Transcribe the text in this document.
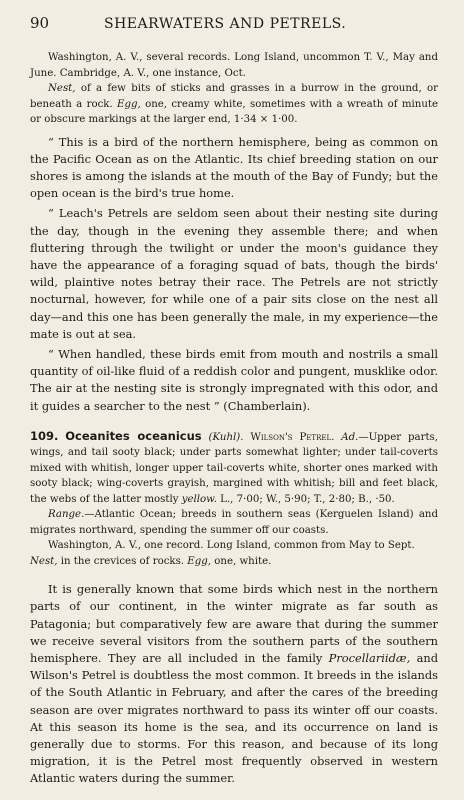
90	SHEARWATERS AND PETRELS.

Washington, A. V., several records. Long Island, uncommon T. V., May and June. Cambridge, A. V., one instance, Oct.

Nest, of a few bits of sticks and grasses in a burrow in the ground, or beneath a rock. Egg, one, creamy white, sometimes with a wreath of minute or obscure markings at the larger end, 1·34 × 1·00.

“ This is a bird of the northern hemisphere, being as common on the Pacific Ocean as on the Atlantic. Its chief breeding station on our shores is among the islands at the mouth of the Bay of Fundy; but the open ocean is the bird's true home.

“ Leach's Petrels are seldom seen about their nesting site during the day, though in the evening they assemble there; and when fluttering through the twilight or under the moon's guidance they have the appearance of a foraging squad of bats, though the birds' wild, plaintive notes betray their race. The Petrels are not strictly nocturnal, however, for while one of a pair sits close on the nest all day—and this one has been generally the male, in my experience—the mate is out at sea.

“ When handled, these birds emit from mouth and nostrils a small quantity of oil-like fluid of a reddish color and pungent, musklike odor. The air at the nesting site is strongly impregnated with this odor, and it guides a searcher to the nest ” (Chamberlain).

109. Oceanites oceanicus (Kuhl). Wilson's Petrel. Ad.—Upper parts, wings, and tail sooty black; under parts somewhat lighter; under tail-coverts mixed with whitish, longer upper tail-coverts white, shorter ones marked with sooty black; wing-coverts grayish, margined with whitish; bill and feet black, the webs of the latter mostly yellow. L., 7·00; W., 5·90; T., 2·80; B., ·50.

Range.—Atlantic Ocean; breeds in southern seas (Kerguelen Island) and migrates northward, spending the summer off our coasts.

Washington, A. V., one record. Long Island, common from May to Sept.

Nest, in the crevices of rocks. Egg, one, white.

It is generally known that some birds which nest in the northern parts of our continent, in the winter migrate as far south as Patagonia; but comparatively few are aware that during the summer we receive several visitors from the southern parts of the southern hemisphere. They are all included in the family Procellariidæ, and Wilson's Petrel is doubtless the most common. It breeds in the islands of the South Atlantic in February, and after the cares of the breeding season are over migrates northward to pass its winter off our coasts. At this season its home is the sea, and its occurrence on land is generally due to storms. For this reason, and because of its long migration, it is the Petrel most frequently observed in western Atlantic waters during the summer.
